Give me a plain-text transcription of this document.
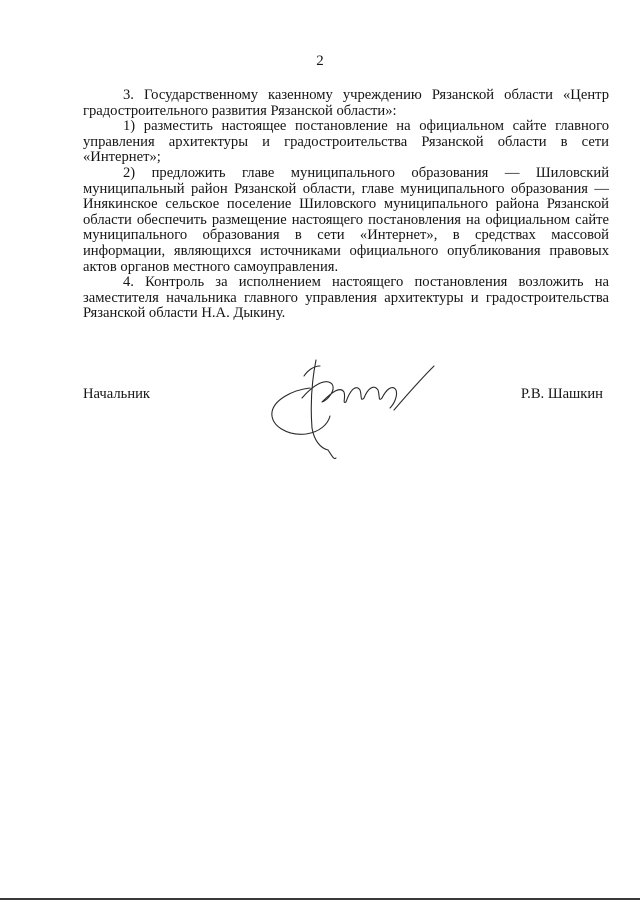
2

3. Государственному казенному учреждению Рязанской области «Центр градостроительного развития Рязанской области»:

1) разместить настоящее постановление на официальном сайте главного управления архитектуры и градостроительства Рязанской области в сети «Интернет»;

2) предложить главе муниципального образования — Шиловский муниципальный район Рязанской области, главе муниципального образования — Инякинское сельское поселение Шиловского муниципального района Рязанской области обеспечить размещение настоящего постановления на официальном сайте муниципального образования в сети «Интернет», в средствах массовой информации, являющихся источниками официального опубликования правовых актов органов местного самоуправления.

4. Контроль за исполнением настоящего постановления возложить на заместителя начальника главного управления архитектуры и градостроительства Рязанской области Н.А. Дыкину.

Начальник	Р.В. Шашкин
